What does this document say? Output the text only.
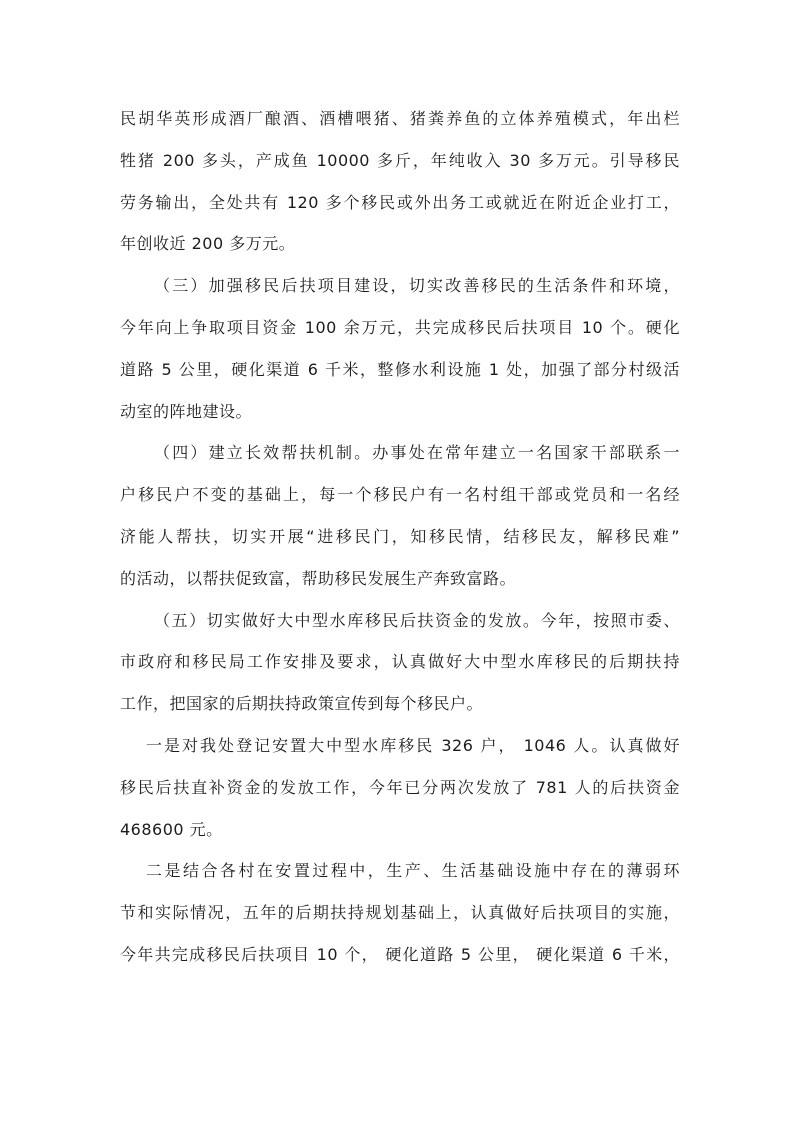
民胡华英形成酒厂酿酒、酒槽喂猪、猪粪养鱼的立体养殖模式，年出栏
牲猪 200 多头，产成鱼 10000 多斤，年纯收入 30 多万元。引导移民
劳务输出，全处共有 120 多个移民或外出务工或就近在附近企业打工，
年创收近 200 多万元。
（三）加强移民后扶项目建设，切实改善移民的生活条件和环境，
今年向上争取项目资金 100 余万元，共完成移民后扶项目 10 个。硬化
道路 5 公里，硬化渠道 6 千米，整修水利设施 1 处，加强了部分村级活
动室的阵地建设。
（四）建立长效帮扶机制。办事处在常年建立一名国家干部联系一
户移民户不变的基础上，每一个移民户有一名村组干部或党员和一名经
济能人帮扶，切实开展“进移民门，知移民情，结移民友，解移民难”
的活动，以帮扶促致富，帮助移民发展生产奔致富路。
（五）切实做好大中型水库移民后扶资金的发放。今年，按照市委、
市政府和移民局工作安排及要求，认真做好大中型水库移民的后期扶持
工作，把国家的后期扶持政策宣传到每个移民户。
一是对我处登记安置大中型水库移民 326 户， 1046 人。认真做好
移民后扶直补资金的发放工作，今年已分两次发放了 781 人的后扶资金
468600 元。
二是结合各村在安置过程中，生产、生活基础设施中存在的薄弱环
节和实际情况，五年的后期扶持规划基础上，认真做好后扶项目的实施，
今年共完成移民后扶项目 10 个， 硬化道路 5 公里， 硬化渠道 6 千米，
